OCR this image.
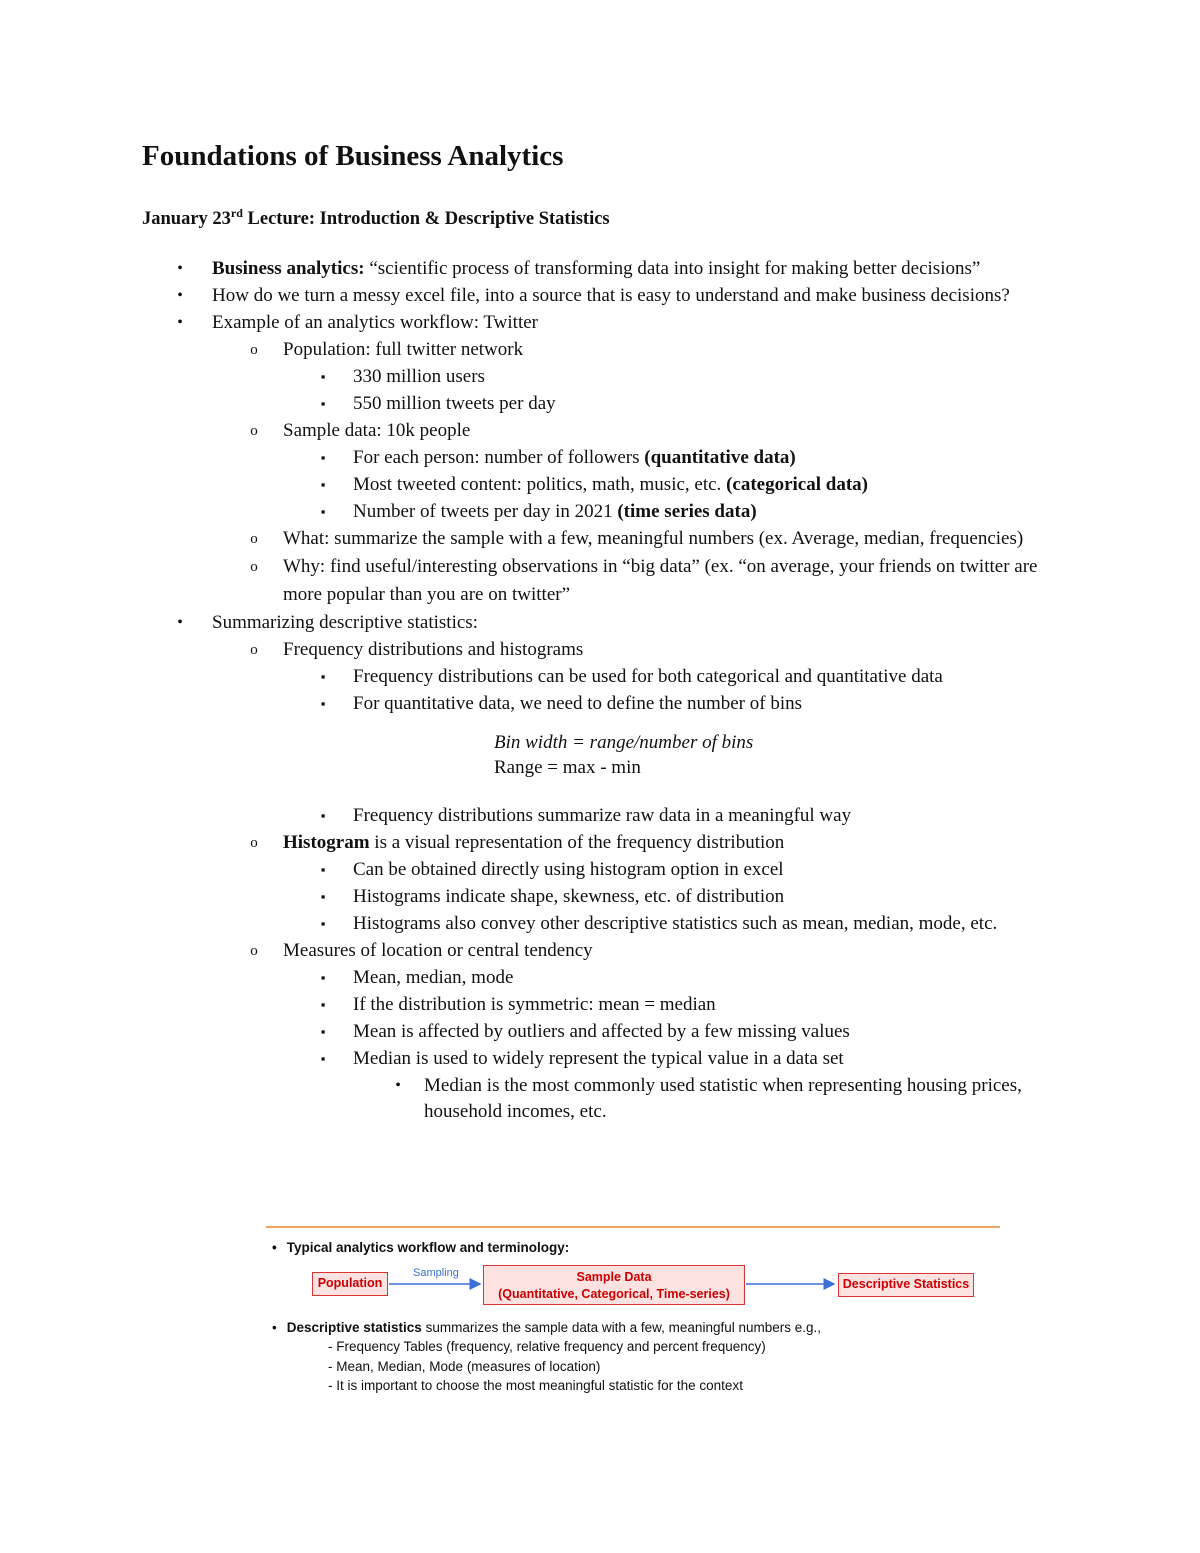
Foundations of Business Analytics
January 23rd Lecture: Introduction & Descriptive Statistics
•	Business analytics: “scientific process of transforming data into insight for making better decisions”
•	How do we turn a messy excel file, into a source that is easy to understand and make business decisions?
•	Example of an analytics workflow: Twitter
o	Population: full twitter network
▪	330 million users
▪	550 million tweets per day
o	Sample data: 10k people
▪	For each person: number of followers (quantitative data)
▪	Most tweeted content: politics, math, music, etc. (categorical data)
▪	Number of tweets per day in 2021 (time series data)
o	What: summarize the sample with a few, meaningful numbers (ex. Average, median, frequencies)
o	Why: find useful/interesting observations in “big data” (ex. “on average, your friends on twitter are more popular than you are on twitter”
•	Summarizing descriptive statistics:
o	Frequency distributions and histograms
▪	Frequency distributions can be used for both categorical and quantitative data
▪	For quantitative data, we need to define the number of bins
Bin width = range/number of bins
Range = max - min
▪	Frequency distributions summarize raw data in a meaningful way
o	Histogram is a visual representation of the frequency distribution
▪	Can be obtained directly using histogram option in excel
▪	Histograms indicate shape, skewness, etc. of distribution
▪	Histograms also convey other descriptive statistics such as mean, median, mode, etc.
o	Measures of location or central tendency
▪	Mean, median, mode
▪	If the distribution is symmetric: mean = median
▪	Mean is affected by outliers and affected by a few missing values
▪	Median is used to widely represent the typical value in a data set
•	Median is the most commonly used statistic when representing housing prices, household incomes, etc.
• Typical analytics workflow and terminology:
Population
Sampling	Sample Data
(Quantitative, Categorical, Time-series)
Descriptive Statistics
• Descriptive statistics summarizes the sample data with a few, meaningful numbers e.g.,
- Frequency Tables (frequency, relative frequency and percent frequency)
- Mean, Median, Mode (measures of location)
- It is important to choose the most meaningful statistic for the context
